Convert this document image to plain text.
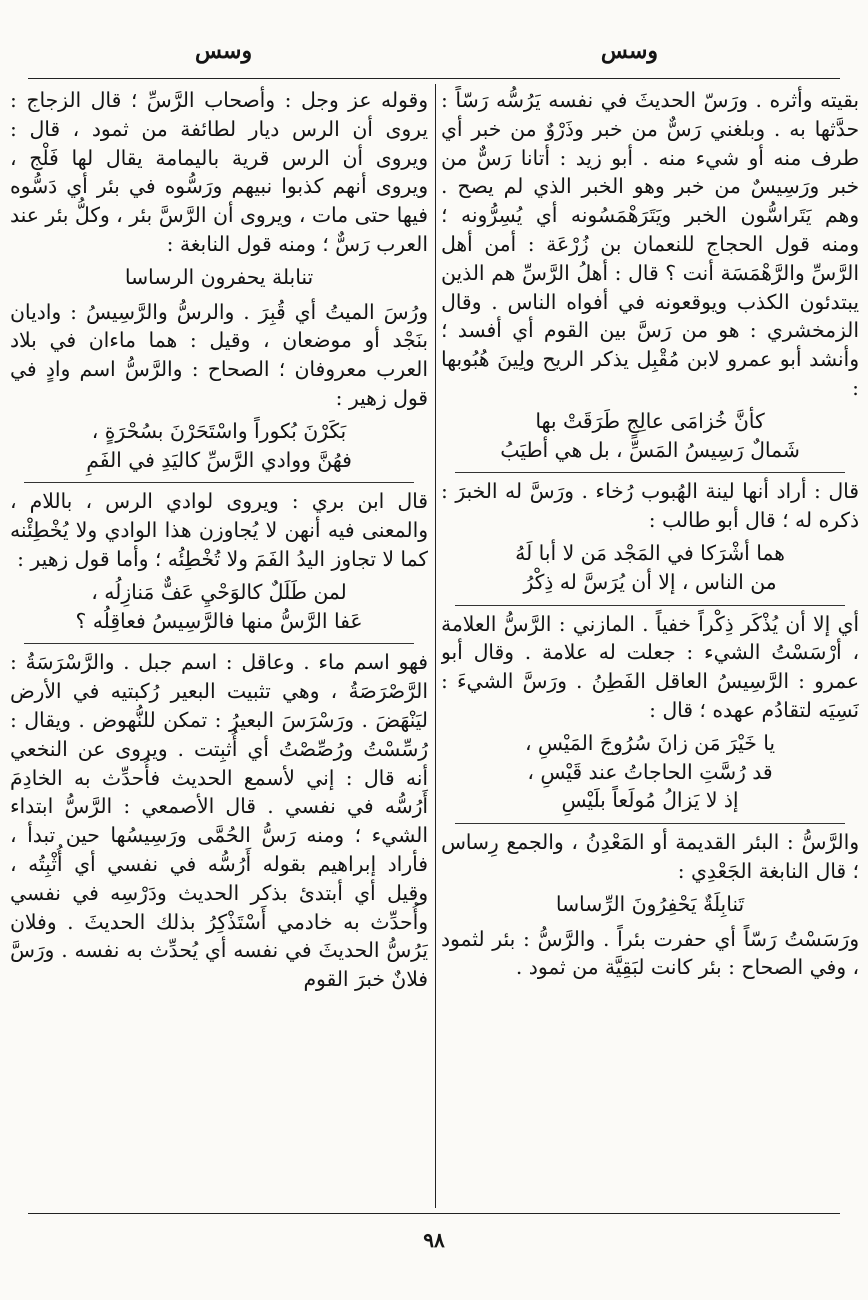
وسس
وسس

بقيته وأثره . ورَسّ الحديثَ في نفسه يَرُسُّه رَسّاً : حدَّثها به . وبلغني رَسٌّ من خبر وذَرْوٌ من خبر أي طرف منه أو شيء منه . أبو زيد : أتانا رَسٌّ من خبر ورَسِيسٌ من خبر وهو الخبر الذي لم يصح . وهم يَتَراسُّون الخبر ويَتَرَهْمَسُونه أي يُسِرُّونه ؛ ومنه قول الحجاج للنعمان بن زُرْعَة : أمن أهل الرَّسِّ والرَّهْمَسَة أنت ؟ قال : أهلُ الرَّسِّ هم الذين يبتدئون الكذب ويوقعونه في أفواه الناس . وقال الزمخشري : هو من رَسَّ بين القوم أي أفسد ؛ وأنشد أبو عمرو لابن مُقْبِل يذكر الريح ولِينَ هُبُوبها :

كأنَّ خُزامَى عالِجٍ طَرَقَتْ بها

شَمالٌ رَسِيسُ المَسِّ ، بل هي أطيَبُ

قال : أراد أنها لينة الهُبوب رُخاء . ورَسَّ له الخبرَ : ذكره له ؛ قال أبو طالب :

هما أشْرَكا في المَجْد مَن لا أبا لَهُ

من الناس ، إلا أن يُرَسَّ له ذِكْرُ

أي إلا أن يُذْكَر ذِكْراً خفياً . المازني : الرَّسُّ العلامة ، أرْسَسْتُ الشيء : جعلت له علامة . وقال أبو عمرو : الرَّسِيسُ العاقل الفَطِنُ . ورَسَّ الشيءَ : نَسِيَه لتقادُم عهده ؛ قال :

يا خَيْرَ مَن زانَ سُرُوجَ المَيْسِ ،

قد رُسَّتِ الحاجاتُ عند قَيْسِ ،

إذ لا يَزالُ مُولَعاً بلَيْسِ

والرَّسُّ : البئر القديمة أو المَعْدِنُ ، والجمع رِساس ؛ قال النابغة الجَعْدِي :

تَنابِلَةٌ يَحْفِرُونَ الرِّساسا

ورَسَسْتُ رَسّاً أي حفرت بئراً . والرَّسُّ : بئر لثمود ، وفي الصحاح : بئر كانت لبَقِيَّة من ثمود .

وقوله عز وجل : وأصحاب الرَّسِّ ؛ قال الزجاج : يروى أن الرس ديار لطائفة من ثمود ، قال : ويروى أن الرس قرية باليمامة يقال لها فَلْج ، ويروى أنهم كذبوا نبيهم ورَسُّوه في بئر أي دَسُّوه فيها حتى مات ، ويروى أن الرَّسَّ بئر ، وكلُّ بئر عند العرب رَسٌّ ؛ ومنه قول النابغة :

تنابلة يحفرون الرساسا

ورُسَ الميتُ أي قُبِرَ . والرسُّ والرَّسِيسُ : واديان بنَجْد أو موضعان ، وقيل : هما ماءان في بلاد العرب معروفان ؛ الصحاح : والرَّسُّ اسم وادٍ في قول زهير :

بَكَرْنَ بُكوراً واسْتَحَرْنَ بسُحْرَةٍ ،

فهُنَّ ووادي الرَّسِّ كاليَدِ في الفَمِ

قال ابن بري : ويروى لوادي الرس ، باللام ، والمعنى فيه أنهن لا يُجاوزن هذا الوادي ولا يُخْطِئْنه كما لا تجاوز اليدُ الفَمَ ولا تُخْطِئُه ؛ وأما قول زهير :

لمن طَلَلٌ كالوَحْيِ عَفٌّ مَنازِلُه ،

عَفا الرَّسُّ منها فالرَّسِيسُ فعاقِلُه ؟

فهو اسم ماء . وعاقل : اسم جبل . والرَّسْرَسَةُ : الرَّصْرَصَةُ ، وهي تثبيت البعير رُكبتيه في الأرض ليَنْهَضَ . ورَسْرَسَ البعيرُ : تمكن للنُّهوض . ويقال : رُسِّسْتُ ورُصِّصْتُ أي أُثبِتت . ويروى عن النخعي أنه قال : إني لأسمع الحديث فأُحدِّث به الخادِمَ أَرُسُّه في نفسي . قال الأصمعي : الرَّسُّ ابتداء الشيء ؛ ومنه رَسُّ الحُمَّى ورَسِيسُها حين تبدأ ، فأراد إبراهيم بقوله أَرُسُّه في نفسي أي أُثْبِتُه ، وقيل أي أبتدئ بذكر الحديث ودَرْسِه في نفسي وأُحدِّث به خادمي أَسْتَذْكِرُ بذلك الحديثَ . وفلان يَرُسُّ الحديثَ في نفسه أي يُحدِّث به نفسه . ورَسَّ فلانٌ خبرَ القوم

٩٨
